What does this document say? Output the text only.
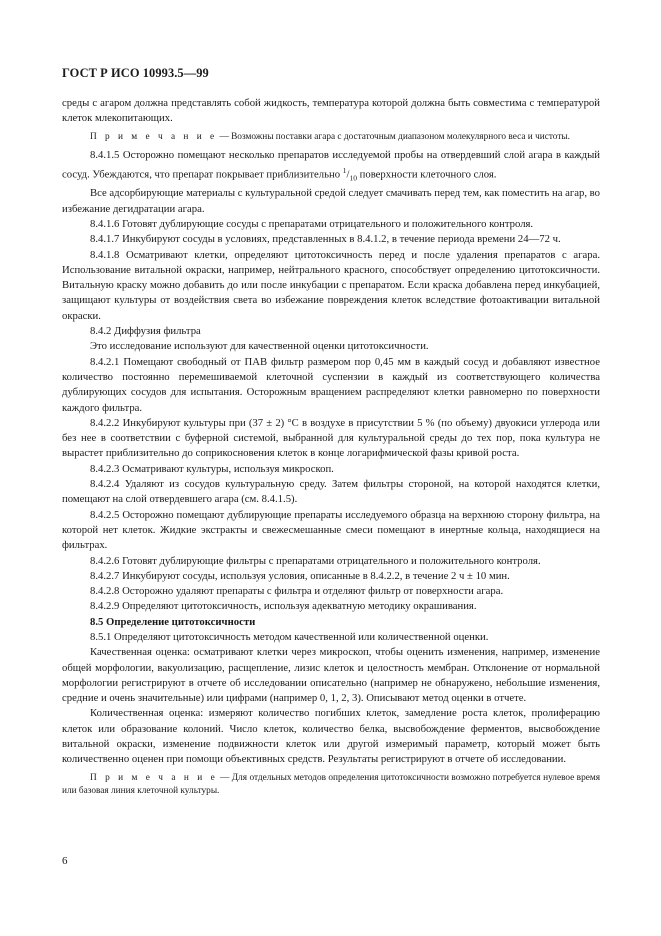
ГОСТ Р ИСО 10993.5—99

среды с агаром должна представлять собой жидкость, температура которой должна быть совместима с температурой клеток млекопитающих.

П р и м е ч а н и е — Возможны поставки агара с достаточным диапазоном молекулярного веса и чистоты.

8.4.1.5 Осторожно помещают несколько препаратов исследуемой пробы на отвердевший слой агара в каждый сосуд. Убеждаются, что препарат покрывает приблизительно $^1/_{10}$ поверхности клеточного слоя.

Все адсорбирующие материалы с культуральной средой следует смачивать перед тем, как поместить на агар, во избежание дегидратации агара.

8.4.1.6 Готовят дублирующие сосуды с препаратами отрицательного и положительного контроля.

8.4.1.7 Инкубируют сосуды в условиях, представленных в 8.4.1.2, в течение периода времени 24—72 ч.

8.4.1.8 Осматривают клетки, определяют цитотоксичность перед и после удаления препаратов с агара. Использование витальной окраски, например, нейтрального красного, способствует определению цитотоксичности. Витальную краску можно добавить до или после инкубации с препаратом. Если краска добавлена перед инкубацией, защищают культуры от воздействия света во избежание повреждения клеток вследствие фотоактивации витальной окраски.

8.4.2 Диффузия фильтра

Это исследование используют для качественной оценки цитотоксичности.

8.4.2.1 Помещают свободный от ПАВ фильтр размером пор 0,45 мм в каждый сосуд и добавляют известное количество постоянно перемешиваемой клеточной суспензии в каждый из соответствующего количества дублирующих сосудов для испытания. Осторожным вращением распределяют клетки равномерно по поверхности каждого фильтра.

8.4.2.2 Инкубируют культуры при (37 ± 2) °С в воздухе в присутствии 5 % (по объему) двуокиси углерода или без нее в соответствии с буферной системой, выбранной для культуральной среды до тех пор, пока культура не вырастет приблизительно до соприкосновения клеток в конце логарифмической фазы кривой роста.

8.4.2.3 Осматривают культуры, используя микроскоп.

8.4.2.4 Удаляют из сосудов культуральную среду. Затем фильтры стороной, на которой находятся клетки, помещают на слой отвердевшего агара (см. 8.4.1.5).

8.4.2.5 Осторожно помещают дублирующие препараты исследуемого образца на верхнюю сторону фильтра, на которой нет клеток. Жидкие экстракты и свежесмешанные смеси помещают в инертные кольца, находящиеся на фильтрах.

8.4.2.6 Готовят дублирующие фильтры с препаратами отрицательного и положительного контроля.

8.4.2.7 Инкубируют сосуды, используя условия, описанные в 8.4.2.2, в течение 2 ч ± 10 мин.

8.4.2.8 Осторожно удаляют препараты с фильтра и отделяют фильтр от поверхности агара.

8.4.2.9 Определяют цитотоксичность, используя адекватную методику окрашивания.

8.5 Определение цитотоксичности

8.5.1 Определяют цитотоксичность методом качественной или количественной оценки.

Качественная оценка: осматривают клетки через микроскоп, чтобы оценить изменения, например, изменение общей морфологии, вакуолизацию, расщепление, лизис клеток и целостность мембран. Отклонение от нормальной морфологии регистрируют в отчете об исследовании описательно (например не обнаружено, небольшие изменения, средние и очень значительные) или цифрами (например 0, 1, 2, 3). Описывают метод оценки в отчете.

Количественная оценка: измеряют количество погибших клеток, замедление роста клеток, пролиферацию клеток или образование колоний. Число клеток, количество белка, высвобождение ферментов, высвобождение витальной окраски, изменение подвижности клеток или другой измеримый параметр, который может быть количественно оценен при помощи объективных средств. Результаты регистрируют в отчете об исследовании.

П р и м е ч а н и е — Для отдельных методов определения цитотоксичности возможно потребуется нулевое время или базовая линия клеточной культуры.

6
